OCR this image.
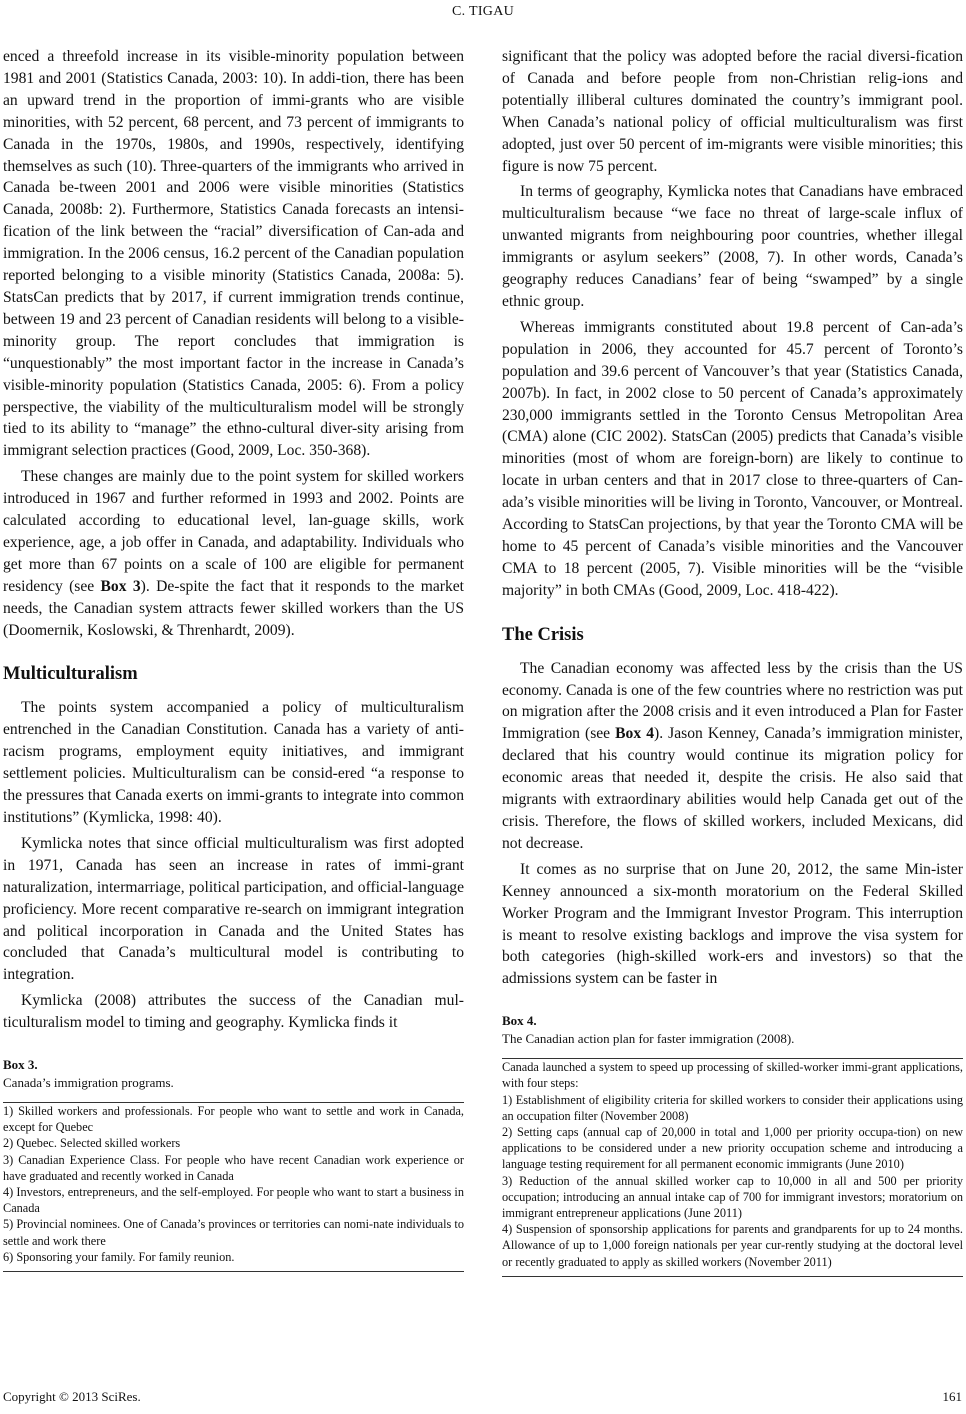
C. TIGAU

enced a threefold increase in its visible-minority population between 1981 and 2001 (Statistics Canada, 2003: 10). In addi-tion, there has been an upward trend in the proportion of immi-grants who are visible minorities, with 52 percent, 68 percent, and 73 percent of immigrants to Canada in the 1970s, 1980s, and 1990s, respectively, identifying themselves as such (10). Three-quarters of the immigrants who arrived in Canada be-tween 2001 and 2006 were visible minorities (Statistics Canada, 2008b: 2). Furthermore, Statistics Canada forecasts an intensi-fication of the link between the “racial” diversification of Can-ada and immigration. In the 2006 census, 16.2 percent of the Canadian population reported belonging to a visible minority (Statistics Canada, 2008a: 5). StatsCan predicts that by 2017, if current immigration trends continue, between 19 and 23 percent of Canadian residents will belong to a visible-minority group. The report concludes that immigration is “unquestionably” the most important factor in the increase in Canada’s visible-minority population (Statistics Canada, 2005: 6). From a policy perspective, the viability of the multiculturalism model will be strongly tied to its ability to “manage” the ethno-cultural diver-sity arising from immigrant selection practices (Good, 2009, Loc. 350-368).

These changes are mainly due to the point system for skilled workers introduced in 1967 and further reformed in 1993 and 2002. Points are calculated according to educational level, lan-guage skills, work experience, age, a job offer in Canada, and adaptability. Individuals who get more than 67 points on a scale of 100 are eligible for permanent residency (see Box 3). De-spite the fact that it responds to the market needs, the Canadian system attracts fewer skilled workers than the US (Doomernik, Koslowski, & Threnhardt, 2009).

Multiculturalism

The points system accompanied a policy of multiculturalism entrenched in the Canadian Constitution. Canada has a variety of anti-racism programs, employment equity initiatives, and immigrant settlement policies. Multiculturalism can be consid-ered “a response to the pressures that Canada exerts on immi-grants to integrate into common institutions” (Kymlicka, 1998: 40).

Kymlicka notes that since official multiculturalism was first adopted in 1971, Canada has seen an increase in rates of immi-grant naturalization, intermarriage, political participation, and official-language proficiency. More recent comparative re-search on immigrant integration and political incorporation in Canada and the United States has concluded that Canada’s multicultural model is contributing to integration.

Kymlicka (2008) attributes the success of the Canadian mul-ticulturalism model to timing and geography. Kymlicka finds it

Box 3.
Canada’s immigration programs.
1) Skilled workers and professionals. For people who want to settle and work in Canada, except for Quebec
2) Quebec. Selected skilled workers
3) Canadian Experience Class. For people who have recent Canadian work experience or have graduated and recently worked in Canada
4) Investors, entrepreneurs, and the self-employed. For people who want to start a business in Canada
5) Provincial nominees. One of Canada’s provinces or territories can nomi-nate individuals to settle and work there
6) Sponsoring your family. For family reunion.

significant that the policy was adopted before the racial diversi-fication of Canada and before people from non-Christian relig-ions and potentially illiberal cultures dominated the country’s immigrant pool. When Canada’s national policy of official multiculturalism was first adopted, just over 50 percent of im-migrants were visible minorities; this figure is now 75 percent.

In terms of geography, Kymlicka notes that Canadians have embraced multiculturalism because “we face no threat of large-scale influx of unwanted migrants from neighbouring poor countries, whether illegal immigrants or asylum seekers” (2008, 7). In other words, Canada’s geography reduces Canadians’ fear of being “swamped” by a single ethnic group.

Whereas immigrants constituted about 19.8 percent of Can-ada’s population in 2006, they accounted for 45.7 percent of Toronto’s population and 39.6 percent of Vancouver’s that year (Statistics Canada, 2007b). In fact, in 2002 close to 50 percent of Canada’s approximately 230,000 immigrants settled in the Toronto Census Metropolitan Area (CMA) alone (CIC 2002). StatsCan (2005) predicts that Canada’s visible minorities (most of whom are foreign-born) are likely to continue to locate in urban centers and that in 2017 close to three-quarters of Can-ada’s visible minorities will be living in Toronto, Vancouver, or Montreal. According to StatsCan projections, by that year the Toronto CMA will be home to 45 percent of Canada’s visible minorities and the Vancouver CMA to 18 percent (2005, 7). Visible minorities will be the “visible majority” in both CMAs (Good, 2009, Loc. 418-422).

The Crisis

The Canadian economy was affected less by the crisis than the US economy. Canada is one of the few countries where no restriction was put on migration after the 2008 crisis and it even introduced a Plan for Faster Immigration (see Box 4). Jason Kenney, Canada’s immigration minister, declared that his country would continue its migration policy for economic areas that needed it, despite the crisis. He also said that migrants with extraordinary abilities would help Canada get out of the crisis. Therefore, the flows of skilled workers, included Mexicans, did not decrease.

It comes as no surprise that on June 20, 2012, the same Min-ister Kenney announced a six-month moratorium on the Federal Skilled Worker Program and the Immigrant Investor Program. This interruption is meant to resolve existing backlogs and improve the visa system for both categories (high-skilled work-ers and investors) so that the admissions system can be faster in

Box 4.
The Canadian action plan for faster immigration (2008).
Canada launched a system to speed up processing of skilled-worker immi-grant applications, with four steps:
1) Establishment of eligibility criteria for skilled workers to consider their applications using an occupation filter (November 2008)
2) Setting caps (annual cap of 20,000 in total and 1,000 per priority occupa-tion) on new applications to be considered under a new priority occupation scheme and introducing a language testing requirement for all permanent economic immigrants (June 2010)
3) Reduction of the annual skilled worker cap to 10,000 in all and 500 per priority occupation; introducing an annual intake cap of 700 for immigrant investors; moratorium on immigrant entrepreneur applications (June 2011)
4) Suspension of sponsorship applications for parents and grandparents for up to 24 months. Allowance of up to 1,000 foreign nationals per year cur-rently studying at the doctoral level or recently graduated to apply as skilled workers (November 2011)
Copyright © 2013 SciRes.	161
